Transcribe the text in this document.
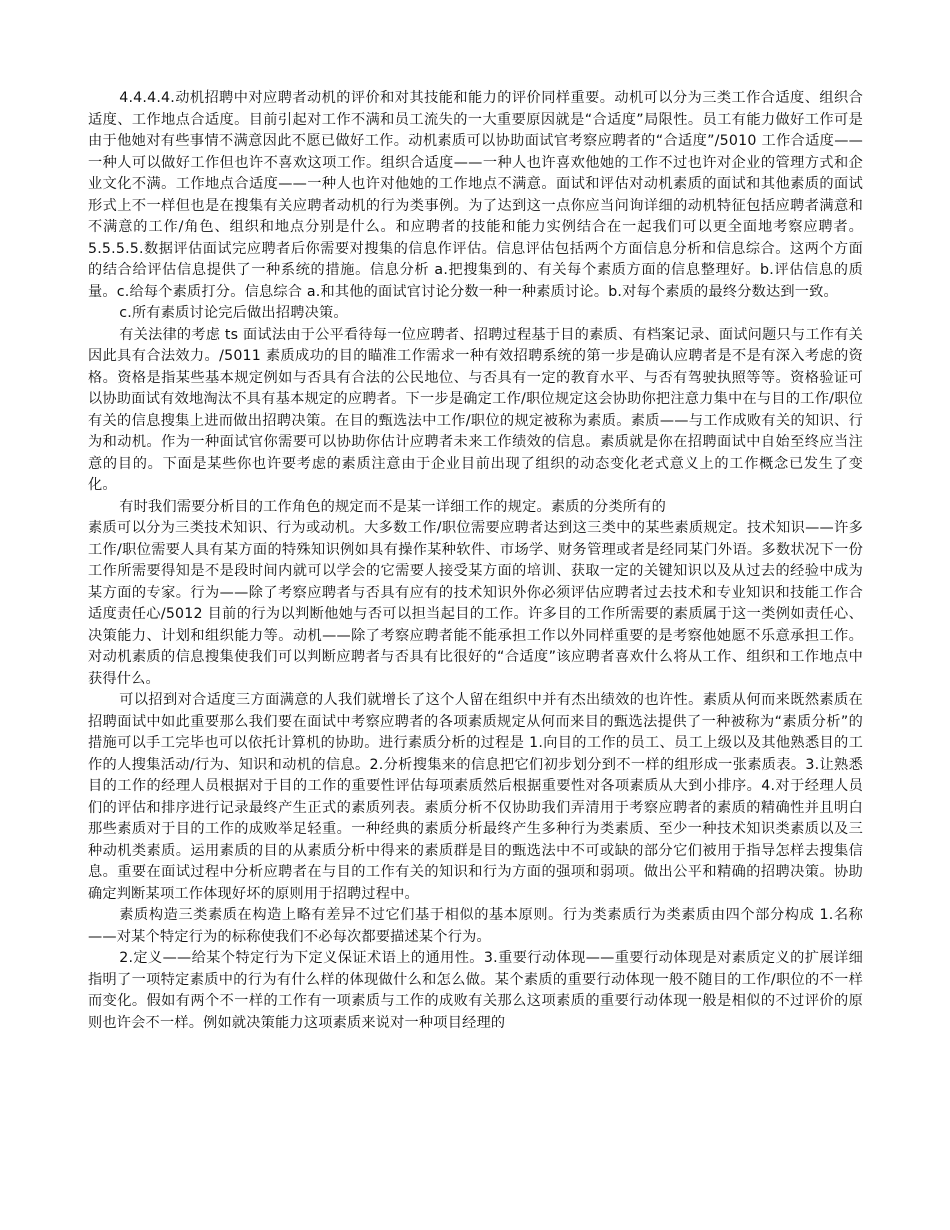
4.4.4.4.动机招聘中对应聘者动机的评价和对其技能和能力的评价同样重要。动机可以分为三类工作合适度、组织合适度、工作地点合适度。目前引起对工作不满和员工流失的一大重要原因就是“合适度”局限性。员工有能力做好工作可是由于他她对有些事情不满意因此不愿已做好工作。动机素质可以协助面试官考察应聘者的“合适度”/5010 工作合适度——一种人可以做好工作但也许不喜欢这项工作。组织合适度——一种人也许喜欢他她的工作不过也许对企业的管理方式和企业文化不满。工作地点合适度——一种人也许对他她的工作地点不满意。面试和评估对动机素质的面试和其他素质的面试形式上不一样但也是在搜集有关应聘者动机的行为类事例。为了达到这一点你应当问询详细的动机特征包括应聘者满意和不满意的工作/角色、组织和地点分别是什么。和应聘者的技能和能力实例结合在一起我们可以更全面地考察应聘者。5.5.5.5.数据评估面试完应聘者后你需要对搜集的信息作评估。信息评估包括两个方面信息分析和信息综合。这两个方面的结合给评估信息提供了一种系统的措施。信息分析 a.把搜集到的、有关每个素质方面的信息整理好。b.评估信息的质量。c.给每个素质打分。信息综合 a.和其他的面试官讨论分数一种一种素质讨论。b.对每个素质的最终分数达到一致。

c.所有素质讨论完后做出招聘决策。

有关法律的考虑 ts 面试法由于公平看待每一位应聘者、招聘过程基于目的素质、有档案记录、面试问题只与工作有关因此具有合法效力。/5011 素质成功的目的瞄准工作需求一种有效招聘系统的第一步是确认应聘者是不是有深入考虑的资格。资格是指某些基本规定例如与否具有合法的公民地位、与否具有一定的教育水平、与否有驾驶执照等等。资格验证可以协助面试有效地淘汰不具有基本规定的应聘者。下一步是确定工作/职位规定这会协助你把注意力集中在与目的工作/职位有关的信息搜集上进而做出招聘决策。在目的甄选法中工作/职位的规定被称为素质。素质——与工作成败有关的知识、行为和动机。作为一种面试官你需要可以协助你估计应聘者未来工作绩效的信息。素质就是你在招聘面试中自始至终应当注意的目的。下面是某些你也许要考虑的素质注意由于企业目前出现了组织的动态变化老式意义上的工作概念已发生了变化。

有时我们需要分析目的工作角色的规定而不是某一详细工作的规定。素质的分类所有的

素质可以分为三类技术知识、行为或动机。大多数工作/职位需要应聘者达到这三类中的某些素质规定。技术知识——许多工作/职位需要人具有某方面的特殊知识例如具有操作某种软件、市场学、财务管理或者是经同某门外语。多数状况下一份工作所需要得知是不是段时间内就可以学会的它需要人接受某方面的培训、获取一定的关键知识以及从过去的经验中成为某方面的专家。行为——除了考察应聘者与否具有应有的技术知识外你必须评估应聘者过去技术和专业知识和技能工作合适度责任心/5012 目前的行为以判断他她与否可以担当起目的工作。许多目的工作所需要的素质属于这一类例如责任心、决策能力、计划和组织能力等。动机——除了考察应聘者能不能承担工作以外同样重要的是考察他她愿不乐意承担工作。对动机素质的信息搜集使我们可以判断应聘者与否具有比很好的“合适度”该应聘者喜欢什么将从工作、组织和工作地点中获得什么。

可以招到对合适度三方面满意的人我们就增长了这个人留在组织中并有杰出绩效的也许性。素质从何而来既然素质在招聘面试中如此重要那么我们要在面试中考察应聘者的各项素质规定从何而来目的甄选法提供了一种被称为“素质分析”的措施可以手工完毕也可以依托计算机的协助。进行素质分析的过程是 1.向目的工作的员工、员工上级以及其他熟悉目的工作的人搜集活动/行为、知识和动机的信息。2.分析搜集来的信息把它们初步划分到不一样的组形成一张素质表。3.让熟悉目的工作的经理人员根据对于目的工作的重要性评估每项素质然后根据重要性对各项素质从大到小排序。4.对于经理人员们的评估和排序进行记录最终产生正式的素质列表。素质分析不仅协助我们弄清用于考察应聘者的素质的精确性并且明白那些素质对于目的工作的成败举足轻重。一种经典的素质分析最终产生多种行为类素质、至少一种技术知识类素质以及三种动机类素质。运用素质的目的从素质分析中得来的素质群是目的甄选法中不可或缺的部分它们被用于指导怎样去搜集信息。重要在面试过程中分析应聘者在与目的工作有关的知识和行为方面的强项和弱项。做出公平和精确的招聘决策。协助确定判断某项工作体现好坏的原则用于招聘过程中。

素质构造三类素质在构造上略有差异不过它们基于相似的基本原则。行为类素质行为类素质由四个部分构成 1.名称——对某个特定行为的标称使我们不必每次都要描述某个行为。

2.定义——给某个特定行为下定义保证术语上的通用性。3.重要行动体现——重要行动体现是对素质定义的扩展详细指明了一项特定素质中的行为有什么样的体现做什么和怎么做。某个素质的重要行动体现一般不随目的工作/职位的不一样而变化。假如有两个不一样的工作有一项素质与工作的成败有关那么这项素质的重要行动体现一般是相似的不过评价的原则也许会不一样。例如就决策能力这项素质来说对一种项目经理的
